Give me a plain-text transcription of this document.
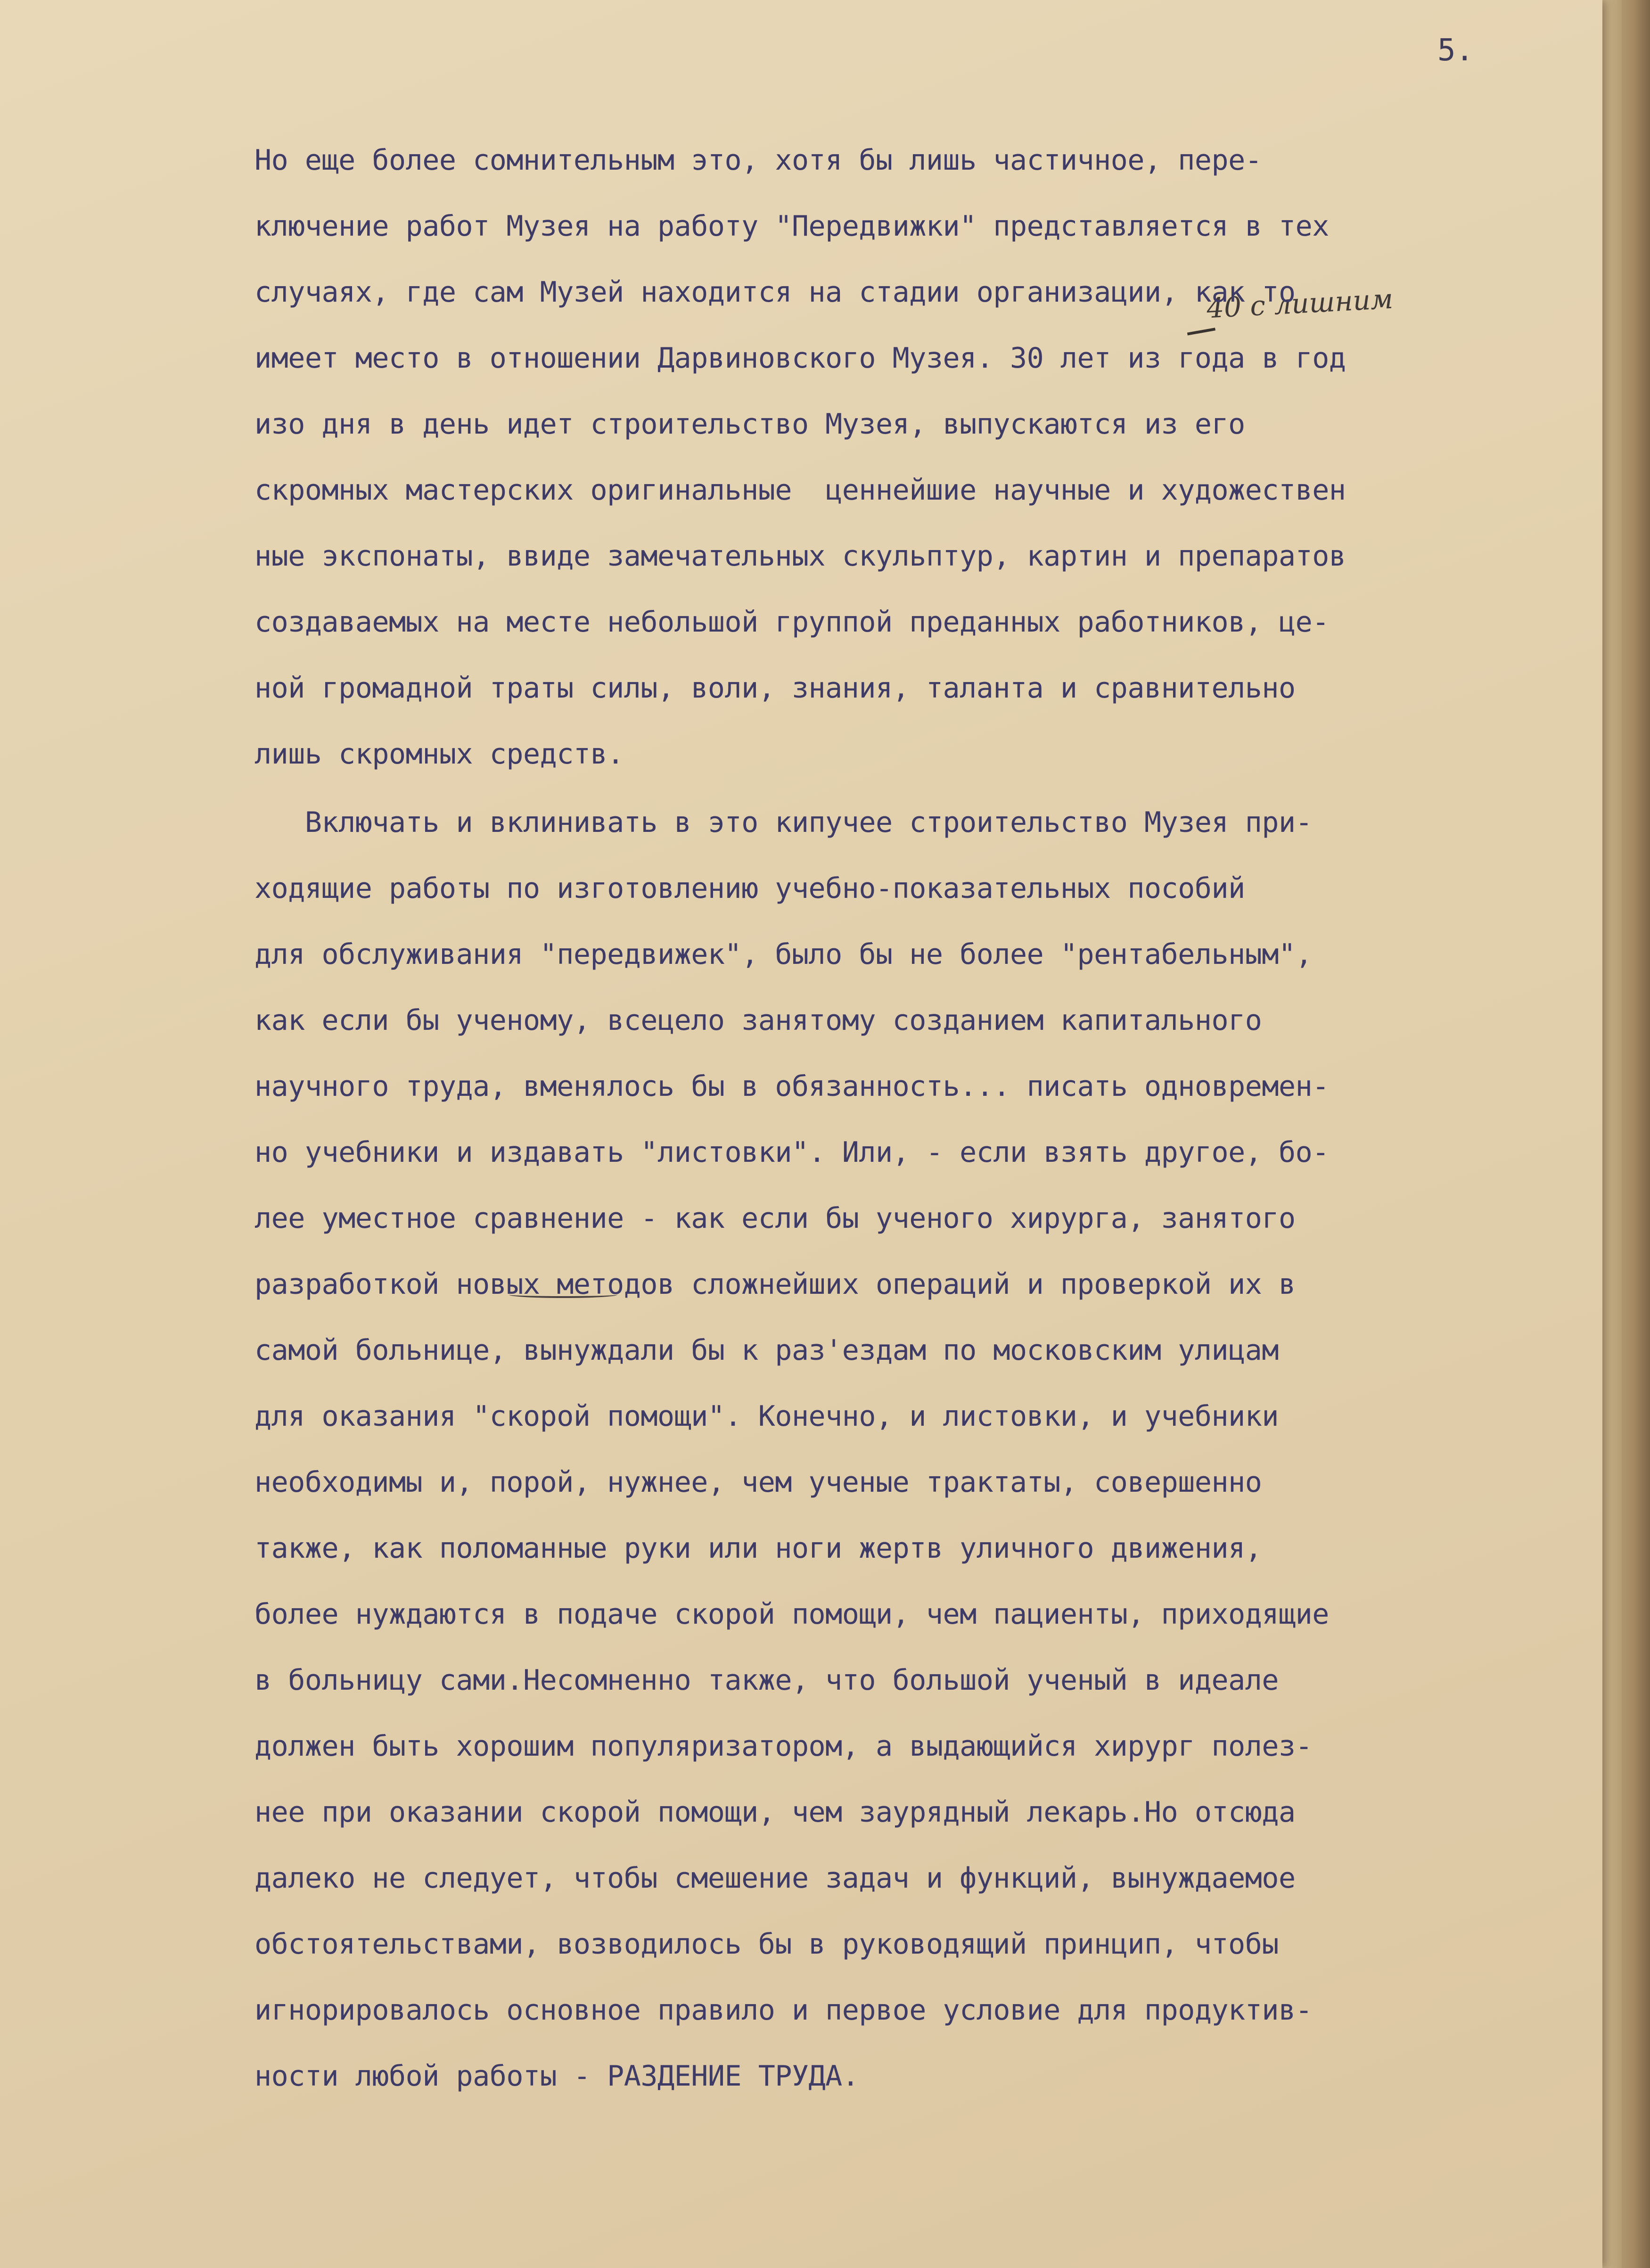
5.
40 с лишним
Но еще более сомнительным это, хотя бы лишь частичное, пере-
ключение работ Музея на работу "Передвижки" представляется в тех
случаях, где сам Музей находится на стадии организации, как то
имеет место в отношении Дарвиновского Музея. 30 лет из года в год
изо дня в день идет строительство Музея, выпускаются из его
скромных мастерских оригинальные  ценнейшие научные и художествен
ные экспонаты, ввиде замечательных скульптур, картин и препаратов
создаваемых на месте небольшой группой преданных работников, це-
ной громадной траты силы, воли, знания, таланта и сравнительно
лишь скромных средств.
Включать и вклинивать в это кипучее строительство Музея при-
ходящие работы по изготовлению учебно-показательных пособий
для обслуживания "передвижек", было бы не более "рентабельным",
как если бы ученому, всецело занятому созданием капитального
научного труда, вменялось бы в обязанность... писать одновремен-
но учебники и издавать "листовки". Или, - если взять другое, бо-
лее уместное сравнение - как если бы ученого хирурга, занятого
разработкой новых методов сложнейших операций и проверкой их в
самой больнице, вынуждали бы к раз'ездам по московским улицам
для оказания "скорой помощи". Конечно, и листовки, и учебники
необходимы и, порой, нужнее, чем ученые трактаты, совершенно
также, как поломанные руки или ноги жертв уличного движения,
более нуждаются в подаче скорой помощи, чем пациенты, приходящие
в больницу сами.Несомненно также, что большой ученый в идеале
должен быть хорошим популяризатором, а выдающийся хирург полез-
нее при оказании скорой помощи, чем заурядный лекарь.Но отсюда
далеко не следует, чтобы смешение задач и функций, вынуждаемое
обстоятельствами, возводилось бы в руководящий принцип, чтобы
игнорировалось основное правило и первое условие для продуктив-
ности любой работы - РАЗДЕНИЕ ТРУДА.
